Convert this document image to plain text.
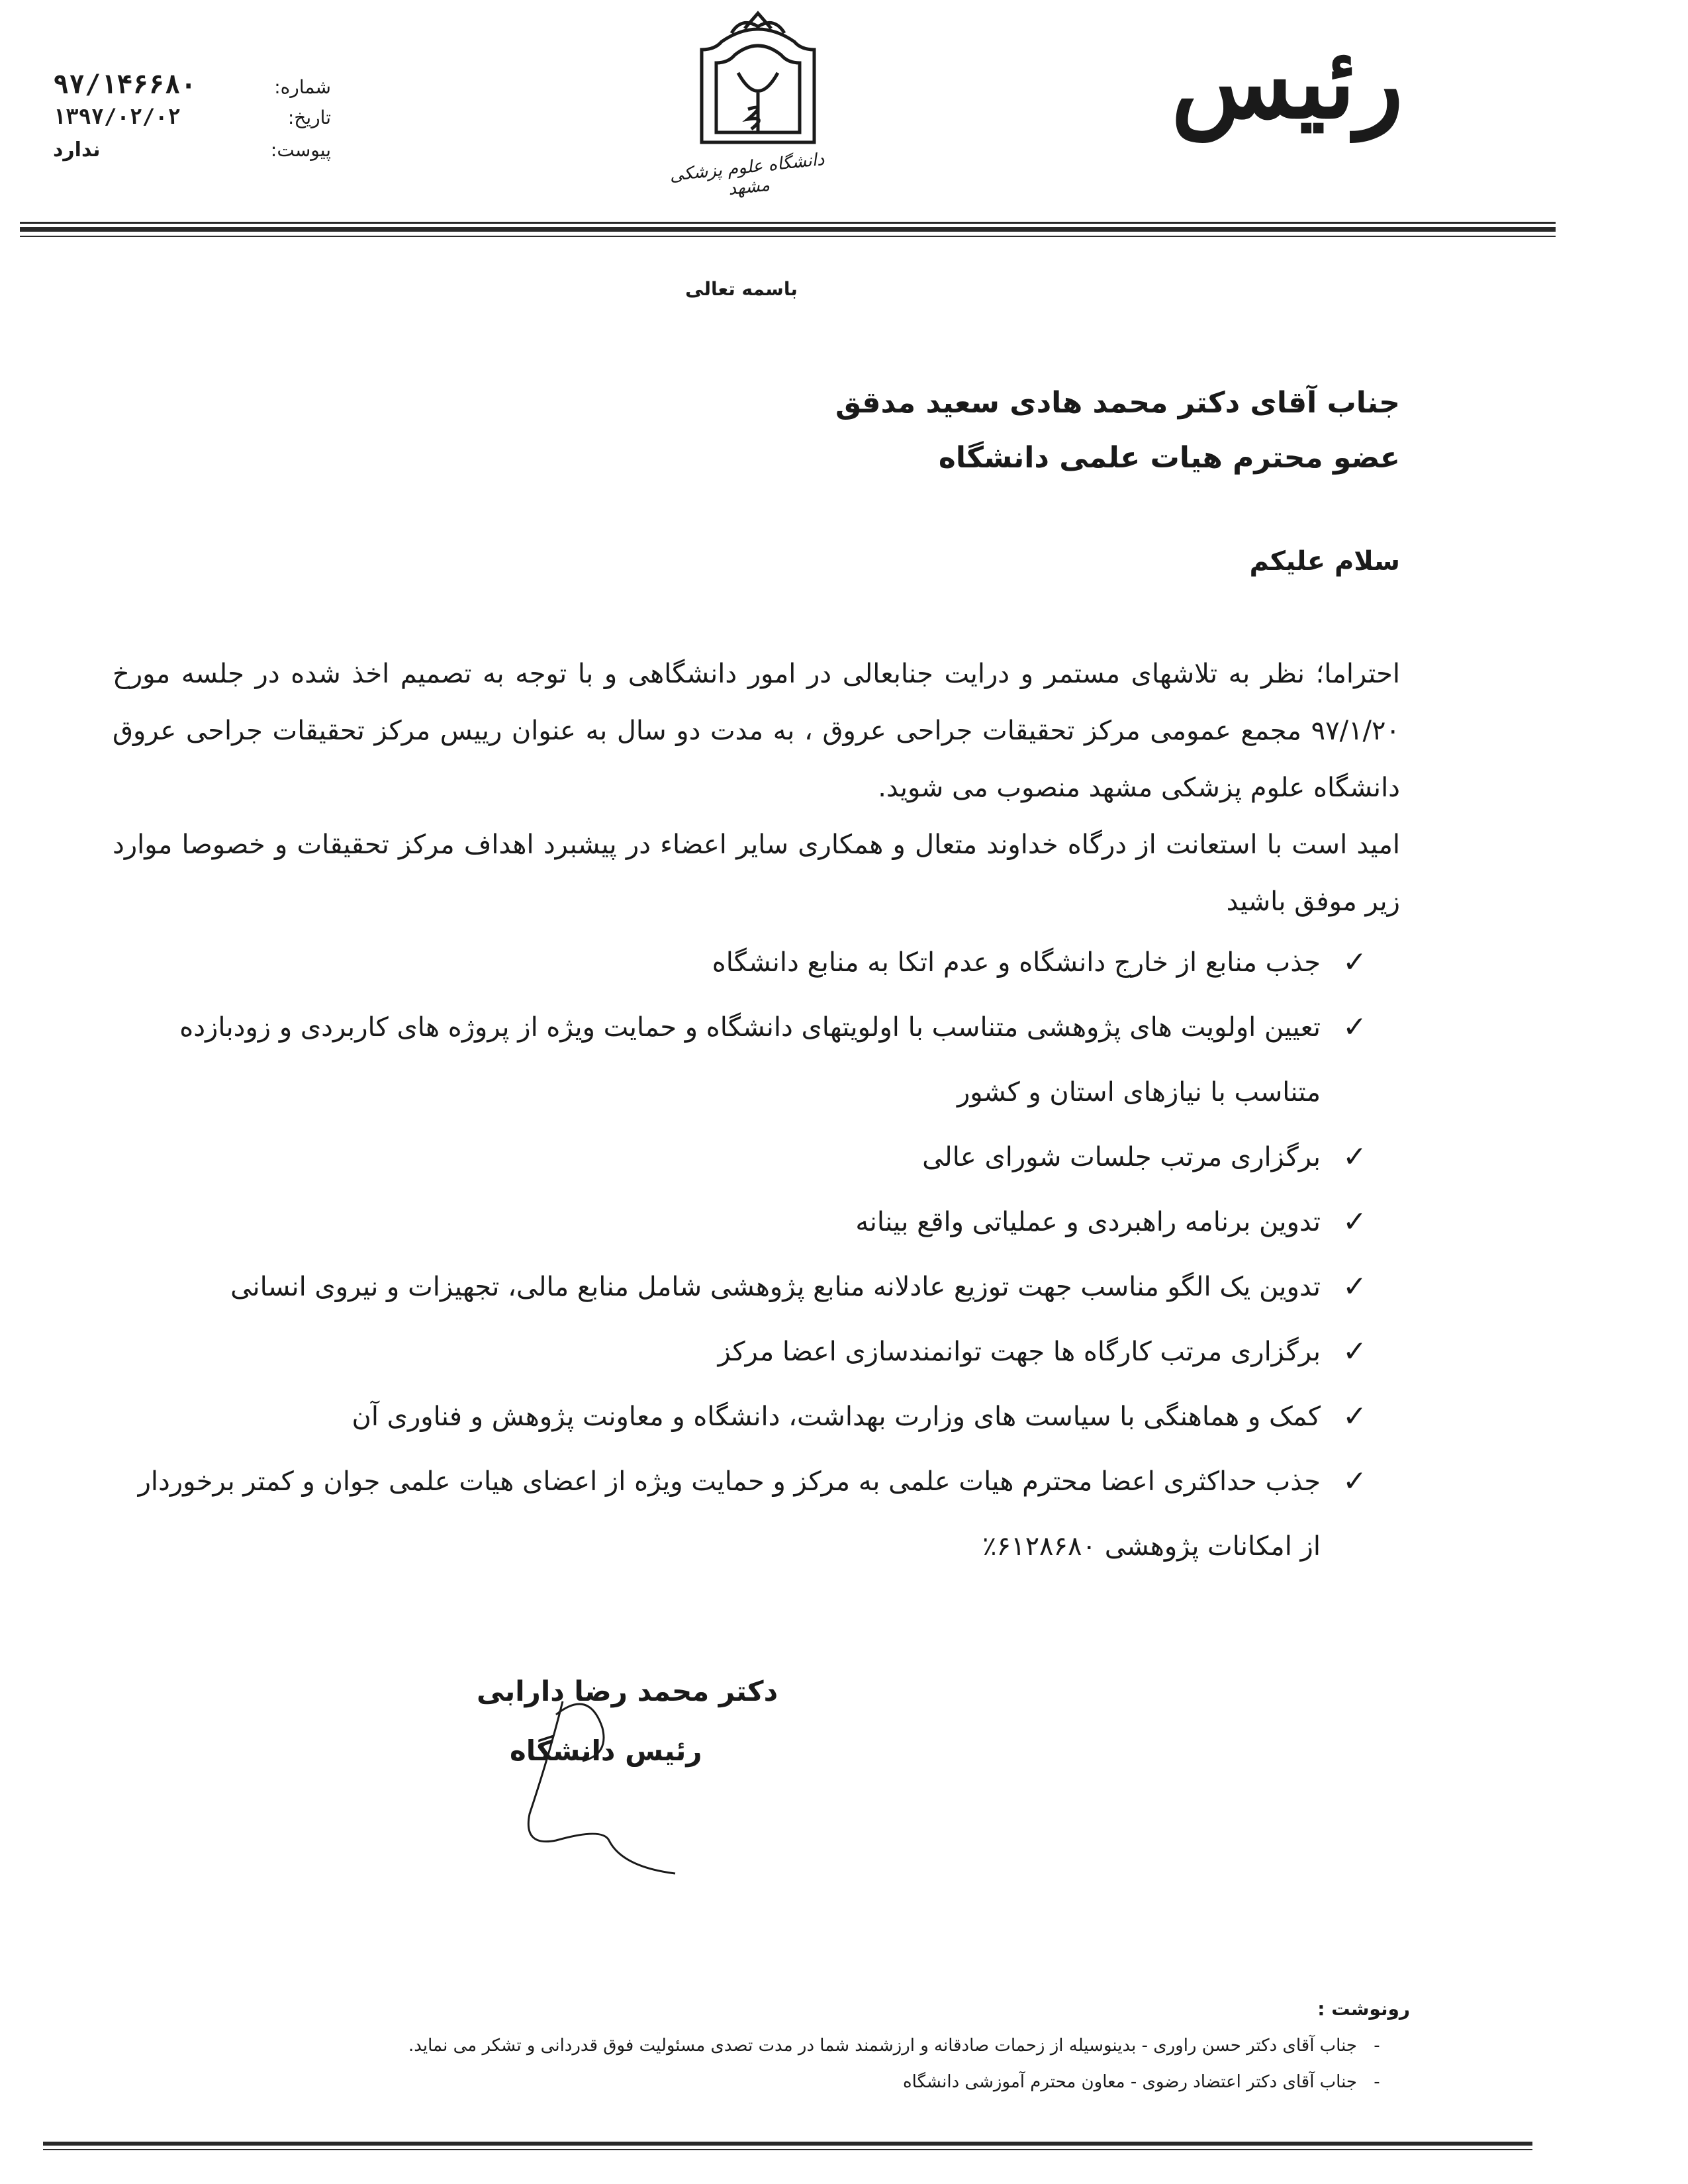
شماره:
۹۷/۱۴۶۶۸۰
تاریخ:
۱۳۹۷/۰۲/۰۲
پیوست:
ندارد	دانشگاه علوم پزشکی مشهد
رئیس
باسمه تعالی
جناب آقای دکتر محمد هادی سعید مدقق
عضو محترم هیات علمی دانشگاه
سلام علیکم
احتراما؛ نظر به تلاشهای مستمر و درایت جنابعالی در امور دانشگاهی و با توجه به تصمیم اخذ شده در جلسه مورخ ۹۷/۱/۲۰ مجمع عمومی مرکز تحقیقات جراحی عروق ، به مدت دو سال به عنوان رییس مرکز تحقیقات جراحی عروق دانشگاه علوم پزشکی مشهد منصوب می شوید.
امید است با استعانت از درگاه خداوند متعال و همکاری سایر اعضاء در پیشبرد اهداف مرکز تحقیقات و خصوصا موارد زیر موفق باشید
✓
جذب منابع از خارج دانشگاه و عدم اتکا به منابع دانشگاه
✓
تعیین اولویت های پژوهشی متناسب با اولویتهای دانشگاه و حمایت ویژه از پروژه های کاربردی و زودبازده متناسب با نیازهای استان و کشور
✓
برگزاری مرتب جلسات شورای عالی
✓
تدوین برنامه راهبردی و عملیاتی واقع بینانه
✓
تدوین یک الگو مناسب جهت توزیع عادلانه منابع پژوهشی شامل منابع مالی، تجهیزات و نیروی انسانی
✓
برگزاری مرتب کارگاه ها جهت توانمندسازی اعضا مرکز
✓
کمک و هماهنگی با سیاست های وزارت بهداشت، دانشگاه و معاونت پژوهش و فناوری آن
✓
جذب حداکثری اعضا محترم هیات علمی به مرکز و حمایت ویژه از اعضای هیات علمی جوان و کمتر برخوردار از امکانات پژوهشی ۶۱۲۸۶۸۰٪
دکتر محمد رضا دارابی
رئیس دانشگاه
رونوشت :
-جناب آقای دکتر حسن راوری - بدینوسیله از زحمات صادقانه و ارزشمند شما در مدت تصدی مسئولیت فوق قدردانی و تشکر می نماید.
-جناب آقای دکتر اعتضاد رضوی - معاون محترم آموزشی دانشگاه
